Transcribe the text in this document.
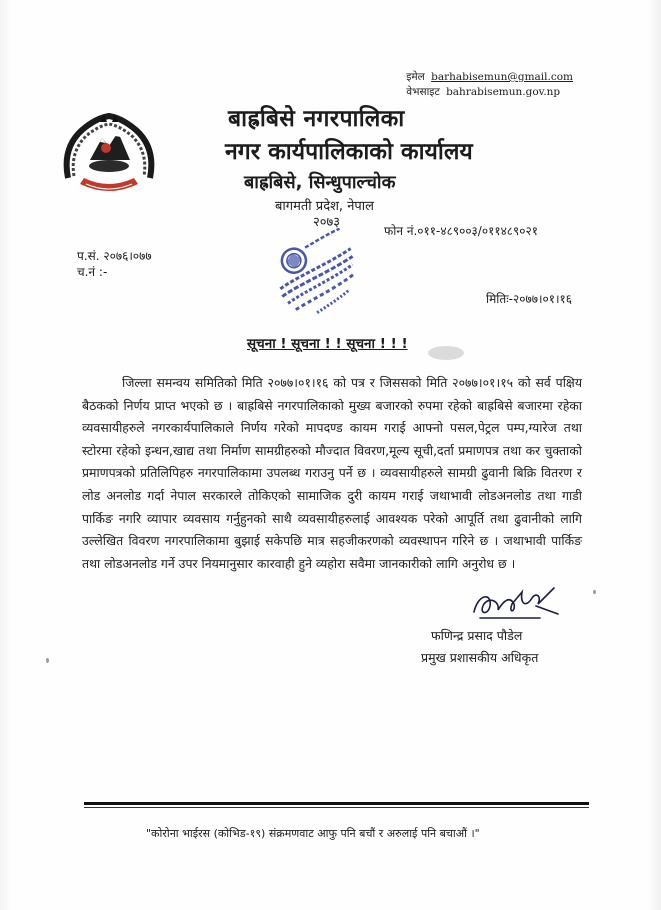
इमेल barhabisemun@gmail.com
वेभसाइट bahrabisemun.gov.np
बाह्रबिसे नगरपालिका
नगर कार्यपालिकाको कार्यालय
बाह्रबिसे, सिन्धुपाल्चोक
बागमती प्रदेश, नेपाल
२०७३
फोन नं.०११-४८९००३/०११४८९०२१
प.सं. २०७६।०७७
च.नं :-
मितिः-२०७७।०१।१६
सूचना ! सूचना ! ! सूचना ! ! !
जिल्ला समन्वय समितिको मिति २०७७।०१।१६ को पत्र र जिससको मिति २०७७।०१।१५ को सर्व पक्षिय बैठकको निर्णय प्राप्त भएको छ । बाह्रबिसे नगरपालिकाको मुख्य बजारको रुपमा रहेको बाह्रबिसे बजारमा रहेका व्यवसायीहरुले नगरकार्यपालिकाले निर्णय गरेको मापदण्ड कायम गराई आफ्नो पसल,पेट्रल पम्प,ग्यारेज तथा स्टोरमा रहेको इन्धन,खाद्य तथा निर्माण सामग्रीहरुको मौज्दात विवरण,मूल्य सूची,दर्ता प्रमाणपत्र तथा कर चुक्ताको प्रमाणपत्रको प्रतिलिपिहरु नगरपालिकामा उपलब्ध गराउनु पर्ने छ । व्यवसायीहरुले सामग्री ढुवानी बिक्रि वितरण र लोड अनलोड गर्दा नेपाल सरकारले तोकिएको सामाजिक दुरी कायम गराई जथाभावी लोडअनलोड तथा गाडी पार्किङ नगरि व्यापार व्यवसाय गर्नुहुनको साथै व्यवसायीहरुलाई आवश्यक परेको आपूर्ति तथा ढुवानीको लागि उल्लेखित विवरण नगरपालिकामा बुझाई सकेपछि मात्र सहजीकरणको व्यवस्थापन गरिने छ । जथाभावी पार्किङ तथा लोडअनलोड गर्ने उपर नियमानुसार कारवाही हुने व्यहोरा सवैमा जानकारीको लागि अनुरोध छ ।
फणिन्द्र प्रसाद पौडेल
प्रमुख प्रशासकीय अधिकृत
"कोरोना भाईरस (कोभिड-१९) संक्रमणवाट आफु पनि बचौं र अरुलाई पनि बचाऔं ।"
